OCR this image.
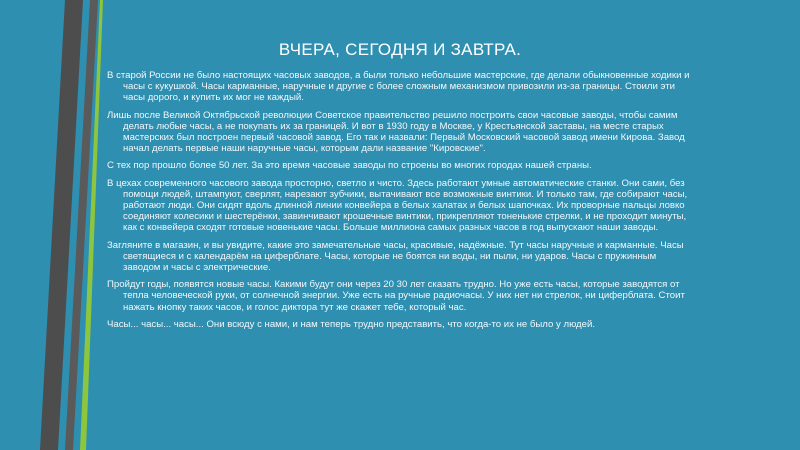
ВЧЕРА, СЕГОДНЯ И ЗАВТРА.

В старой России не было настоящих часовых заводов, а были только небольшие мастерские, где делали обыкновенные ходики и часы с кукушкой. Часы карманные, наручные и другие с более сложным механизмом привозили из-за границы. Стоили эти часы дорого, и купить их мог не каждый.

Лишь после Великой Октябрьской революции Советское правительство решило построить свои часовые заводы, чтобы самим делать любые часы, а не покупать их за границей. И вот в 1930 году в Москве, у Крестьянской заставы, на месте старых мастерских был построен первый часовой завод. Его так и назвали: Первый Московский часовой завод имени Кирова. Завод начал делать первые наши наручные часы, которым дали название "Кировские".

С тех пор прошло более 50 лет. За это время часовые заводы по строены во многих городах нашей страны.

В цехах современного часового завода просторно, светло и чисто. Здесь работают умные автоматические станки. Они сами, без помощи людей, штампуют, сверлят, нарезают зубчики, вытачивают все возможные винтики. И только там, где собирают часы, работают люди. Они сидят вдоль длинной линии конвейера в белых халатах и белых шапочках. Их проворные пальцы ловко соединяют колесики и шестерёнки, завинчивают крошечные винтики, прикрепляют тоненькие стрелки, и не проходит минуты, как с конвейера сходят готовые новенькие часы. Больше миллиона самых разных часов в год выпускают наши заводы.

Загляните в магазин, и вы увидите, какие это замечательные часы, красивые, надёжные. Тут часы наручные и карманные. Часы светящиеся и с календарём на циферблате. Часы, которые не боятся ни воды, ни пыли, ни ударов. Часы с пружинным заводом и часы с электрические.

Пройдут годы, появятся новые часы. Какими будут они через 20 30 лет сказать трудно. Но уже есть часы, которые заводятся от тепла человеческой руки, от солнечной энергии. Уже есть на ручные радиочасы. У них нет ни стрелок, ни циферблата. Стоит нажать кнопку таких часов, и голос диктора тут же скажет тебе, который час.

Часы... часы... часы... Они всюду с нами, и нам теперь трудно представить, что когда-то их не было у людей.
